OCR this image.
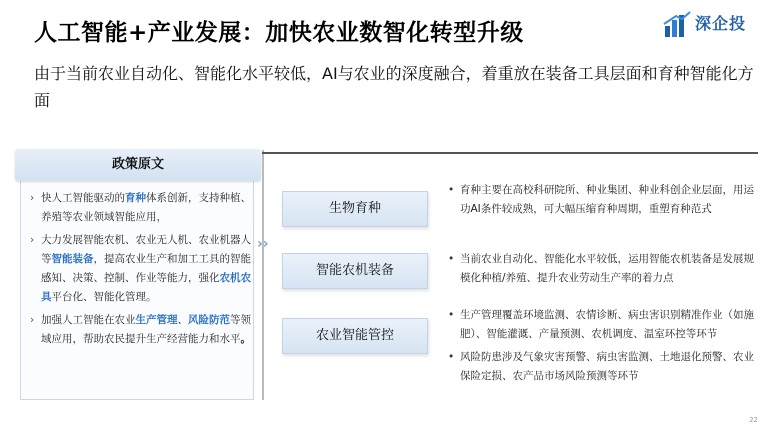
人工智能+产业发展：加快农业数智化转型升级
由于当前农业自动化、智能化水平较低，AI与农业的深度融合，着重放在装备工具层面和育种智能化方面
深企投
政策原文
› 快人工智能驱动的育种体系创新，支持种植、养殖等农业领域智能应用，
› 大力发展智能农机、农业无人机、农业机器人等智能装备，提高农业生产和加工工具的智能感知、决策、控制、作业等能力，强化农机农具平台化、智能化管理。
› 加强人工智能在农业生产管理、风险防范等领域应用，帮助农民提升生产经营能力和水平。
››
生物育种
智能农机装备
农业智能管控
• 育种主要在高校科研院所、种业集团、种业科创企业层面，用运功AI条件较成熟，可大幅压缩育种周期，重塑育种范式
• 当前农业自动化、智能化水平较低，运用智能农机装备是发展规模化种植/养殖、提升农业劳动生产率的着力点
• 生产管理覆盖环境监测、农情诊断、病虫害识别精准作业（如施肥）、智能灌溉、产量预测、农机调度、温室环控等环节
• 风险防患涉及气象灾害预警、病虫害监测、土地退化预警、农业保险定损、农产品市场风险预测等环节
22
